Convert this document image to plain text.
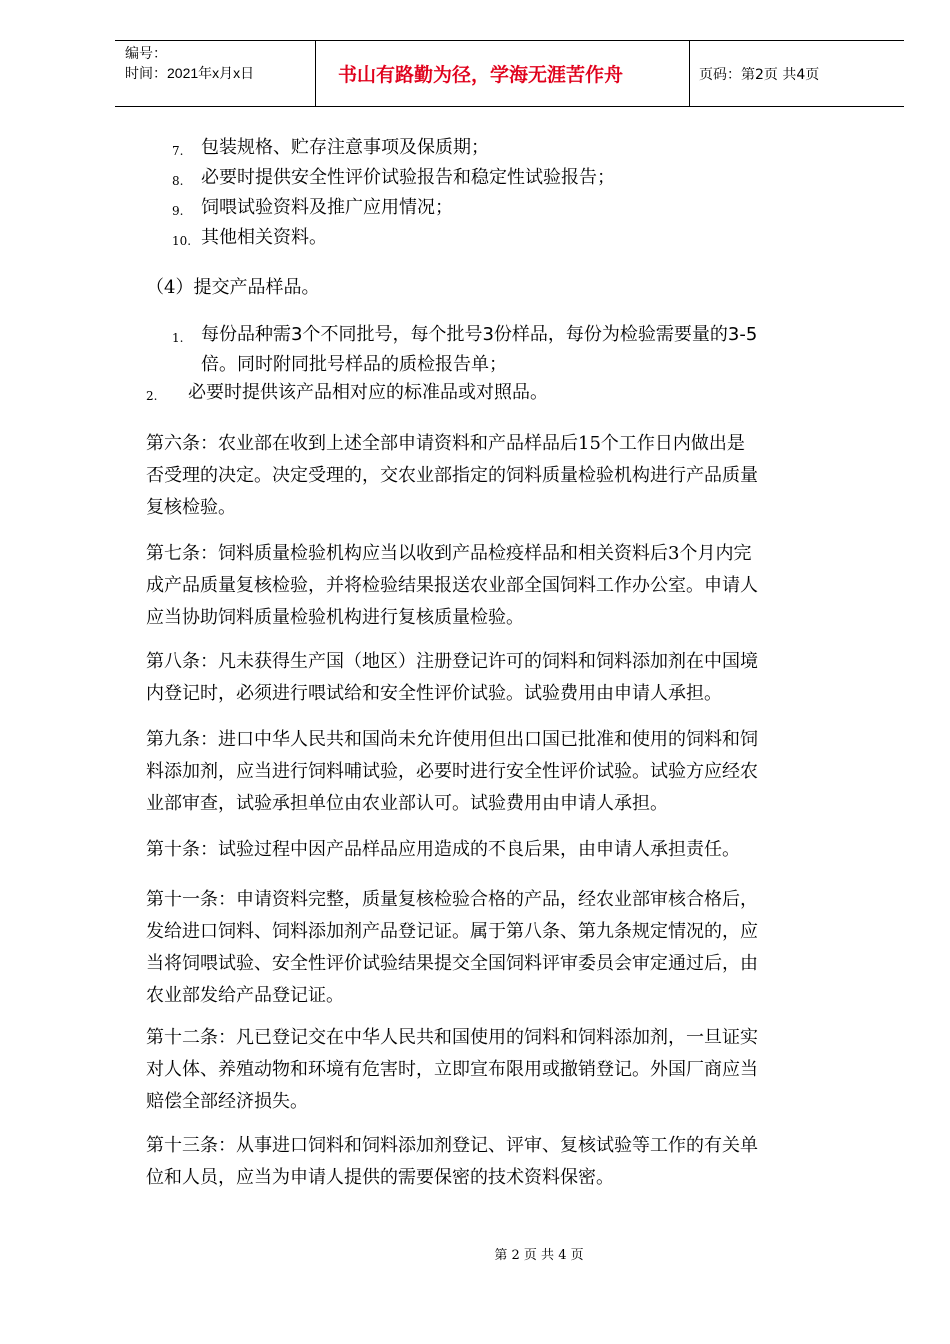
编号：
时间：2021年x月x日	书山有路勤为径，学海无涯苦作舟	页码：第2页 共4页
7. 包装规格、贮存注意事项及保质期；
8. 必要时提供安全性评价试验报告和稳定性试验报告；
9. 饲喂试验资料及推广应用情况；
10. 其他相关资料。
（4）提交产品样品。
1. 每份品种需3个不同批号，每个批号3份样品，每份为检验需要量的3-5
倍。同时附同批号样品的质检报告单；
2. 必要时提供该产品相对应的标准品或对照品。
第六条：农业部在收到上述全部申请资料和产品样品后15个工作日内做出是
否受理的决定。决定受理的，交农业部指定的饲料质量检验机构进行产品质量
复核检验。
第七条：饲料质量检验机构应当以收到产品检疫样品和相关资料后3个月内完
成产品质量复核检验，并将检验结果报送农业部全国饲料工作办公室。申请人
应当协助饲料质量检验机构进行复核质量检验。
第八条：凡未获得生产国（地区）注册登记许可的饲料和饲料添加剂在中国境
内登记时，必须进行喂试给和安全性评价试验。试验费用由申请人承担。
第九条：进口中华人民共和国尚未允许使用但出口国已批准和使用的饲料和饲
料添加剂，应当进行饲料哺试验，必要时进行安全性评价试验。试验方应经农
业部审查，试验承担单位由农业部认可。试验费用由申请人承担。
第十条：试验过程中因产品样品应用造成的不良后果，由申请人承担责任。
第十一条：申请资料完整，质量复核检验合格的产品，经农业部审核合格后，
发给进口饲料、饲料添加剂产品登记证。属于第八条、第九条规定情况的，应
当将饲喂试验、安全性评价试验结果提交全国饲料评审委员会审定通过后，由
农业部发给产品登记证。
第十二条：凡已登记交在中华人民共和国使用的饲料和饲料添加剂，一旦证实
对人体、养殖动物和环境有危害时，立即宣布限用或撤销登记。外国厂商应当
赔偿全部经济损失。
第十三条：从事进口饲料和饲料添加剂登记、评审、复核试验等工作的有关单
位和人员，应当为申请人提供的需要保密的技术资料保密。
第 2 页 共 4 页
